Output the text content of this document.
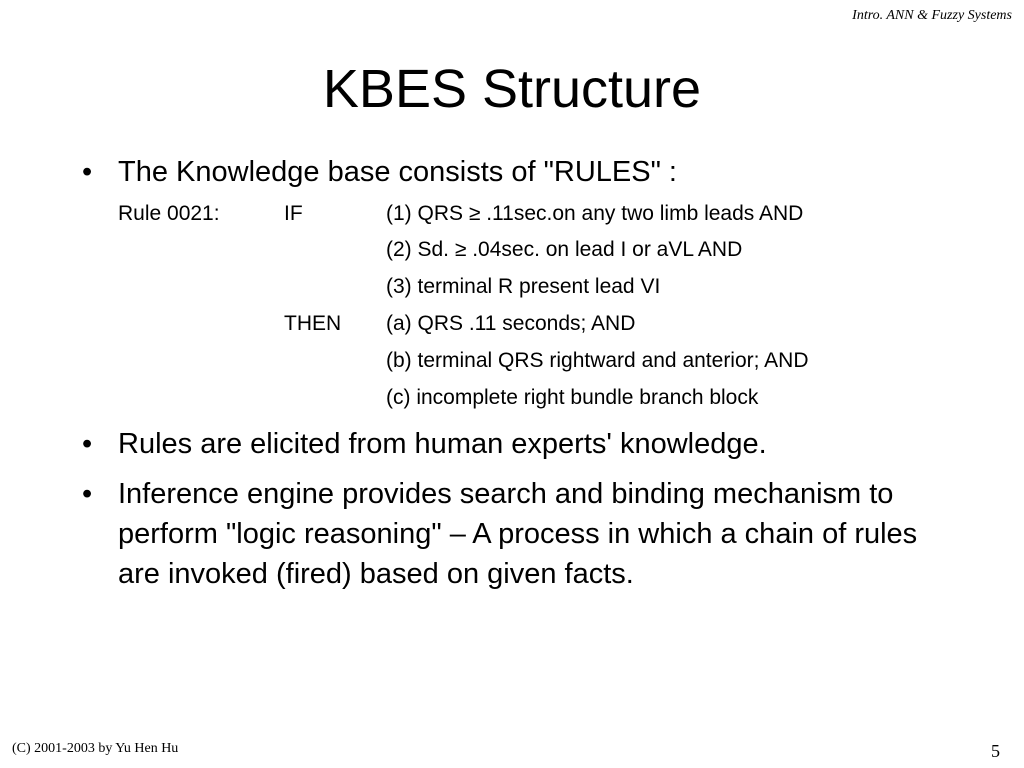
Intro. ANN & Fuzzy Systems
KBES Structure
• The Knowledge base consists of "RULES" :
Rule 0021:	IF	(1) QRS ≥ .11sec.on any two limb leads AND
(2) Sd. ≥ .04sec. on lead I or aVL AND
(3) terminal R present lead VI
THEN (a) QRS .11 seconds; AND
(b) terminal QRS rightward and anterior; AND
(c) incomplete right bundle branch block
• Rules are elicited from human experts' knowledge.
• Inference engine provides search and binding mechanism to perform "logic reasoning" – A process in which a chain of rules are invoked (fired) based on given facts.
(C) 2001-2003 by Yu Hen Hu	5
